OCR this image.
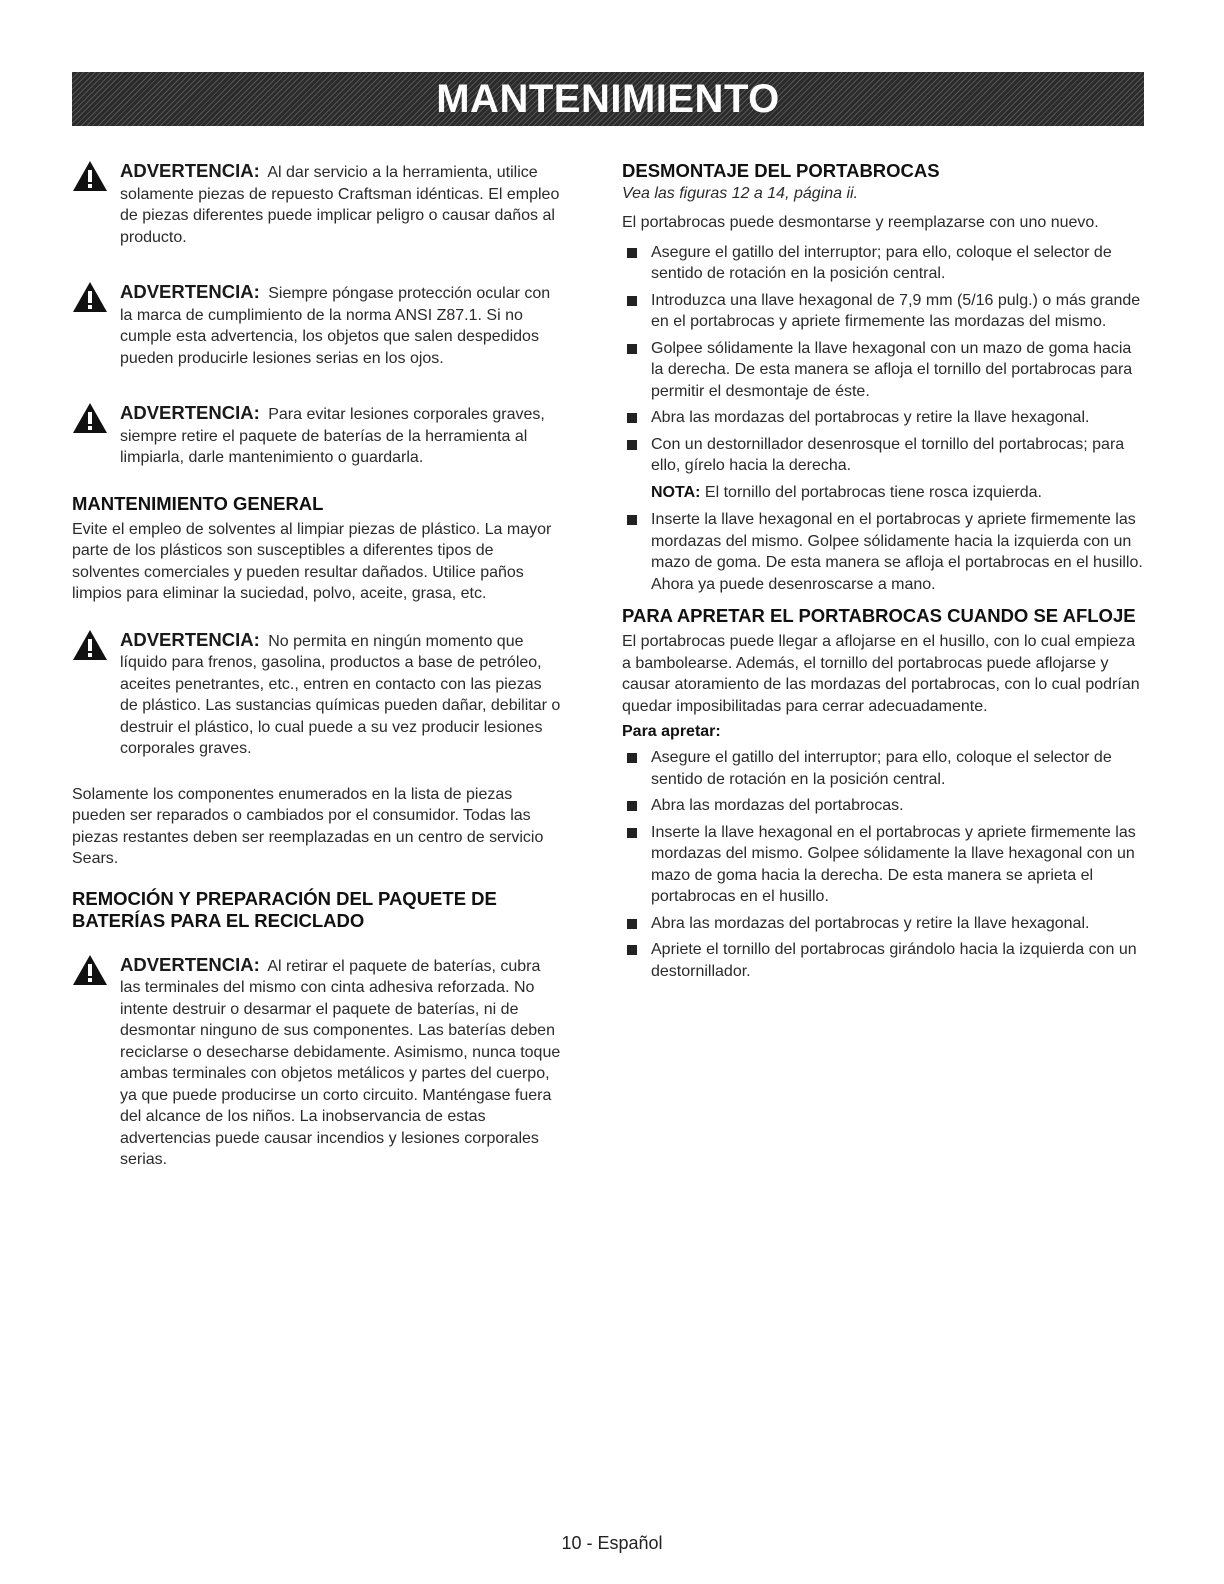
MANTENIMIENTO
ADVERTENCIA: Al dar servicio a la herramienta, utilice solamente piezas de repuesto Craftsman idénticas. El empleo de piezas diferentes puede implicar peligro o causar daños al producto.
ADVERTENCIA: Siempre póngase protección ocular con la marca de cumplimiento de la norma ANSI Z87.1. Si no cumple esta advertencia, los objetos que salen despedidos pueden producirle lesiones serias en los ojos.
ADVERTENCIA: Para evitar lesiones corporales graves, siempre retire el paquete de baterías de la herramienta al limpiarla, darle mantenimiento o guardarla.
MANTENIMIENTO GENERAL

Evite el empleo de solventes al limpiar piezas de plástico. La mayor parte de los plásticos son susceptibles a diferentes tipos de solventes comerciales y pueden resultar dañados. Utilice paños limpios para eliminar la suciedad, polvo, aceite, grasa, etc.

ADVERTENCIA: No permita en ningún momento que líquido para frenos, gasolina, productos a base de petróleo, aceites penetrantes, etc., entren en contacto con las piezas de plástico. Las sustancias químicas pueden dañar, debilitar o destruir el plástico, lo cual puede a su vez producir lesiones corporales graves.

Solamente los componentes enumerados en la lista de piezas pueden ser reparados o cambiados por el consumidor. Todas las piezas restantes deben ser reemplazadas en un centro de servicio Sears.

REMOCIÓN Y PREPARACIÓN DEL PAQUETE DE BATERÍAS PARA EL RECICLADO
ADVERTENCIA: Al retirar el paquete de baterías, cubra las terminales del mismo con cinta adhesiva reforzada. No intente destruir o desarmar el paquete de baterías, ni de desmontar ninguno de sus componentes. Las baterías deben reciclarse o desecharse debidamente. Asimismo, nunca toque ambas terminales con objetos metálicos y partes del cuerpo, ya que puede producirse un corto circuito. Manténgase fuera del alcance de los niños. La inobservancia de estas advertencias puede causar incendios y lesiones corporales serias.
DESMONTAJE DEL PORTABROCAS

Vea las figuras 12 a 14, página ii.

El portabrocas puede desmontarse y reemplazarse con uno nuevo.

Asegure el gatillo del interruptor; para ello, coloque el selector de sentido de rotación en la posición central.
Introduzca una llave hexagonal de 7,9 mm (5/16 pulg.) o más grande en el portabrocas y apriete firmemente las mordazas del mismo.
Golpee sólidamente la llave hexagonal con un mazo de goma hacia la derecha. De esta manera se afloja el tornillo del portabrocas para permitir el desmontaje de éste.
Abra las mordazas del portabrocas y retire la llave hexagonal.
Con un destornillador desenrosque el tornillo del portabrocas; para ello, gírelo hacia la derecha.
NOTA: El tornillo del portabrocas tiene rosca izquierda.
Inserte la llave hexagonal en el portabrocas y apriete firmemente las mordazas del mismo. Golpee sólidamente hacia la izquierda con un mazo de goma. De esta manera se afloja el portabrocas en el husillo. Ahora ya puede desenroscarse a mano.
PARA APRETAR EL PORTABROCAS CUANDO SE AFLOJE

El portabrocas puede llegar a aflojarse en el husillo, con lo cual empieza a bambolearse. Además, el tornillo del portabrocas puede aflojarse y causar atoramiento de las mordazas del portabrocas, con lo cual podrían quedar imposibilitadas para cerrar adecuadamente.

Para apretar:
Asegure el gatillo del interruptor; para ello, coloque el selector de sentido de rotación en la posición central.
Abra las mordazas del portabrocas.
Inserte la llave hexagonal en el portabrocas y apriete firmemente las mordazas del mismo. Golpee sólidamente la llave hexagonal con un mazo de goma hacia la derecha. De esta manera se aprieta el portabrocas en el husillo.
Abra las mordazas del portabrocas y retire la llave hexagonal.
Apriete el tornillo del portabrocas girándolo hacia la izquierda con un destornillador.
10 - Español
